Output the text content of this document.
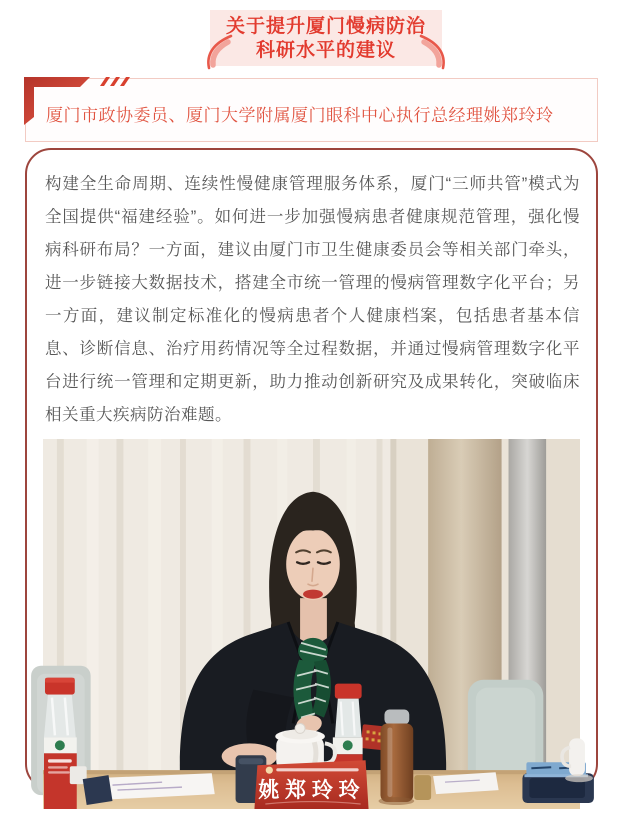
关于提升厦门慢病防治
科研水平的建议
厦门市政协委员、厦门大学附属厦门眼科中心执行总经理姚郑玲玲

构建全生命周期、连续性慢健康管理服务体系，厦门“三师共管”模式为全国提供“福建经验”。如何进一步加强慢病患者健康规范管理，强化慢病科研布局？一方面，建议由厦门市卫生健康委员会等相关部门牵头，进一步链接大数据技术，搭建全市统一管理的慢病管理数字化平台；另一方面，建议制定标准化的慢病患者个人健康档案，包括患者基本信息、诊断信息、治疗用药情况等全过程数据，并通过慢病管理数字化平台进行统一管理和定期更新，助力推动创新研究及成果转化，突破临床相关重大疾病防治难题。

姚郑玲玲
